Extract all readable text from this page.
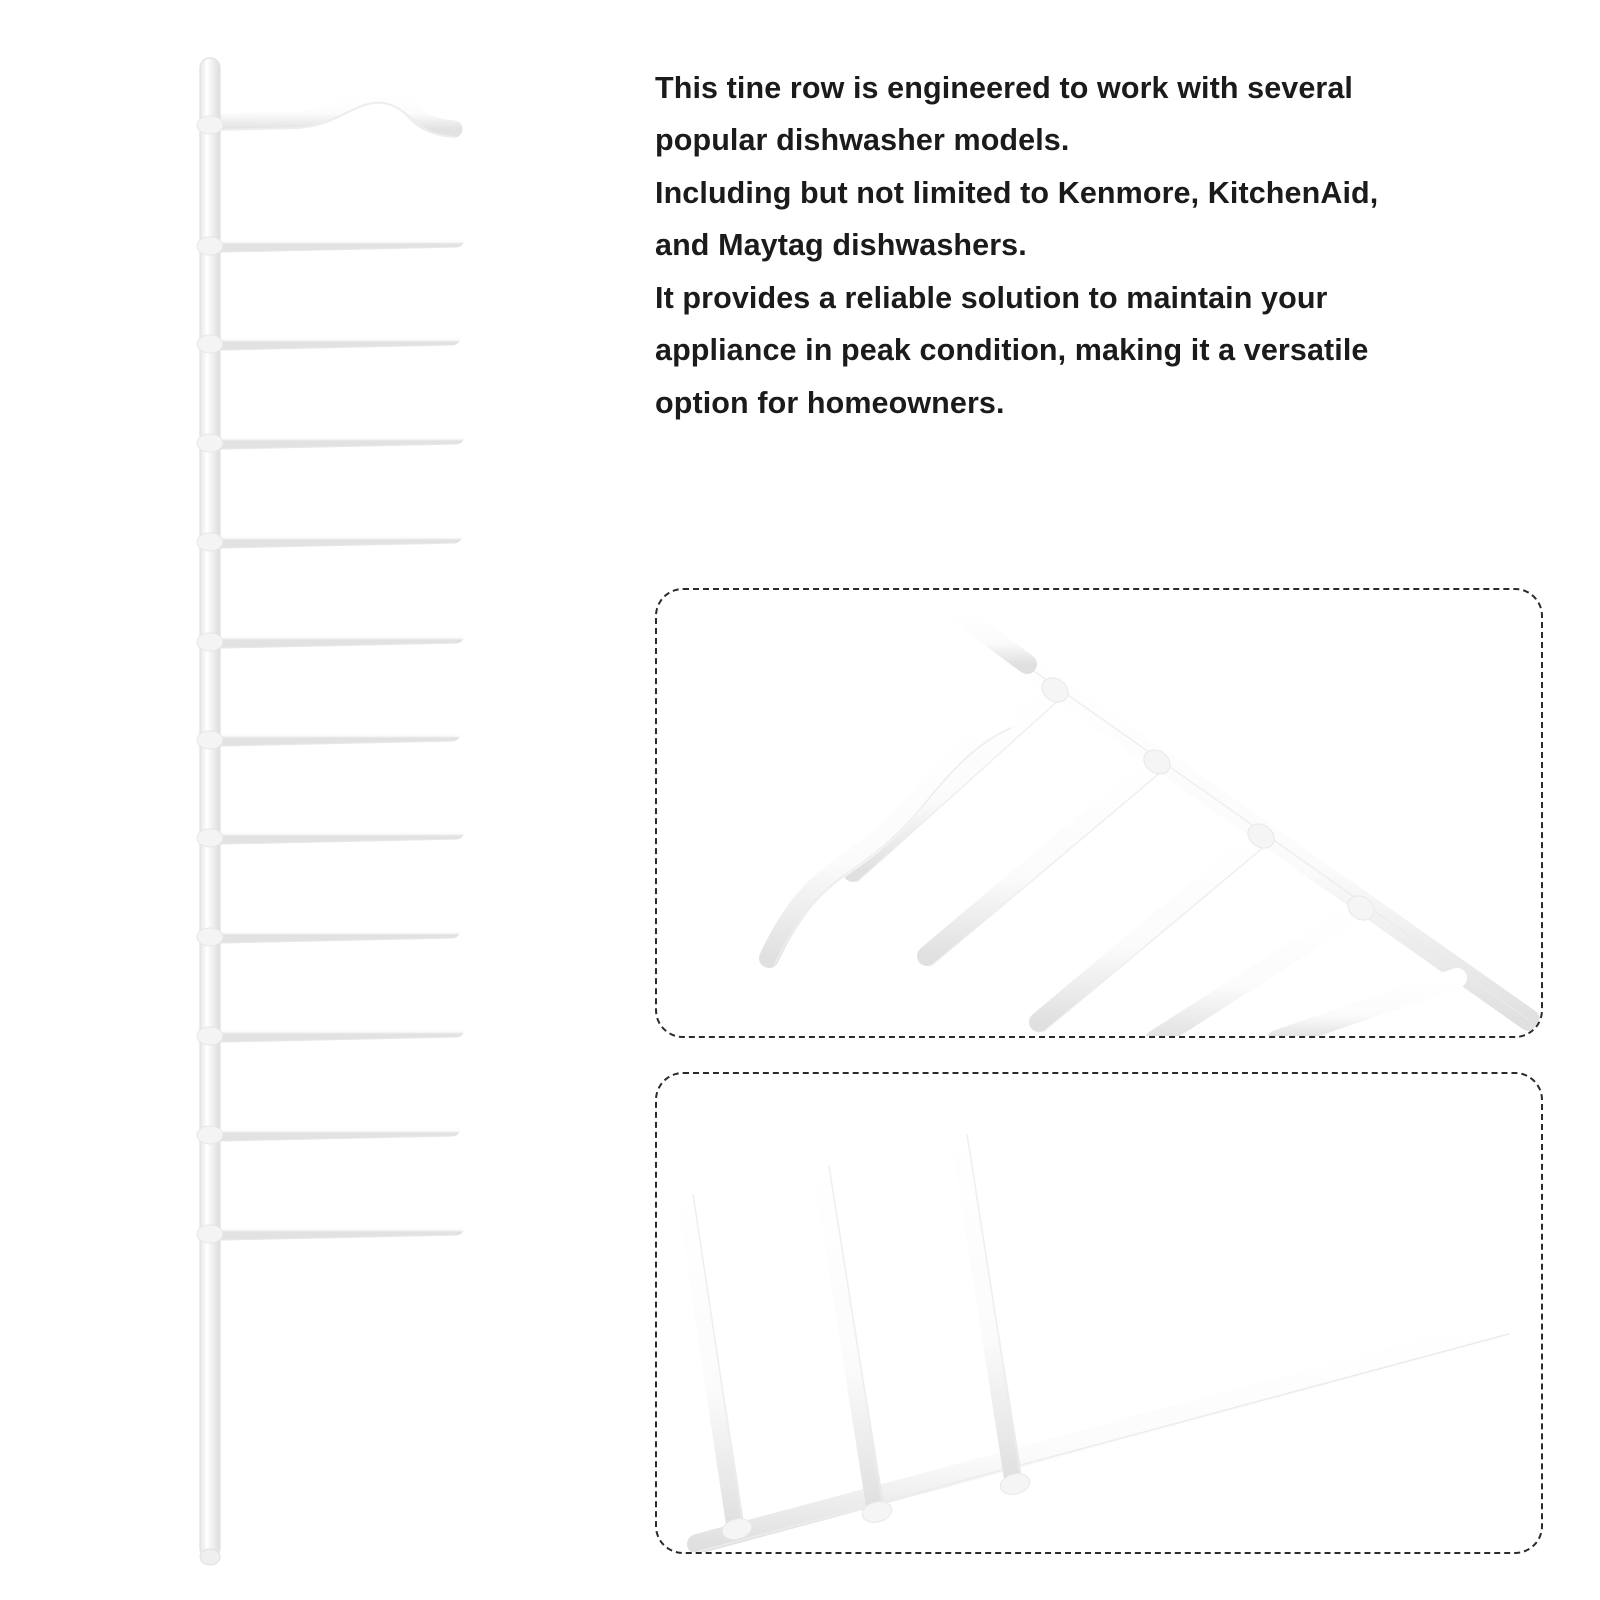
This tine row is engineered to work with several
popular dishwasher models.
Including but not limited to Kenmore, KitchenAid,
and Maytag dishwashers.
It provides a reliable solution to maintain your
appliance in peak condition, making it a versatile
option for homeowners.
